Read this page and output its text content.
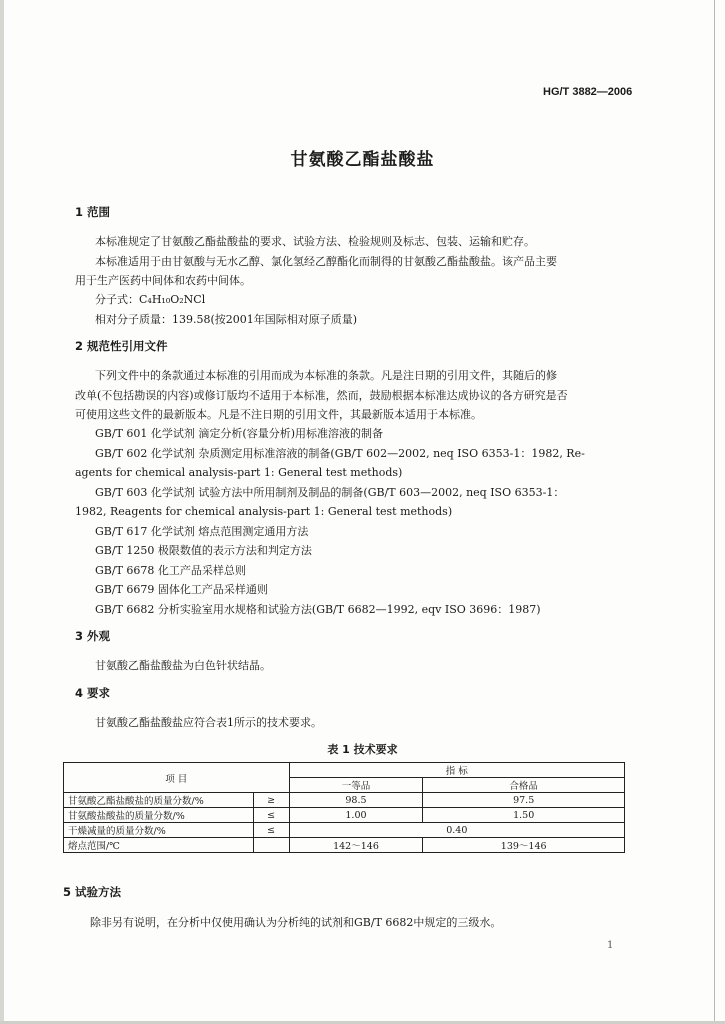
HG/T 3882—2006
甘氨酸乙酯盐酸盐
1 范围
本标准规定了甘氨酸乙酯盐酸盐的要求、试验方法、检验规则及标志、包装、运输和贮存。
本标准适用于由甘氨酸与无水乙醇、氯化氢经乙醇酯化而制得的甘氨酸乙酯盐酸盐。该产品主要
用于生产医药中间体和农药中间体。
分子式：C₄H₁₀O₂NCl
相对分子质量：139.58(按2001年国际相对原子质量)
2 规范性引用文件
下列文件中的条款通过本标准的引用而成为本标准的条款。凡是注日期的引用文件，其随后的修
改单(不包括勘误的内容)或修订版均不适用于本标准，然而，鼓励根据本标准达成协议的各方研究是否
可使用这些文件的最新版本。凡是不注日期的引用文件，其最新版本适用于本标准。
GB/T 601 化学试剂 滴定分析(容量分析)用标准溶液的制备
GB/T 602 化学试剂 杂质测定用标准溶液的制备(GB/T 602—2002, neq ISO 6353-1：1982, Re-
agents for chemical analysis-part 1: General test methods)
GB/T 603 化学试剂 试验方法中所用制剂及制品的制备(GB/T 603—2002, neq ISO 6353-1：
1982, Reagents for chemical analysis-part 1: General test methods)
GB/T 617 化学试剂 熔点范围测定通用方法
GB/T 1250 极限数值的表示方法和判定方法
GB/T 6678 化工产品采样总则
GB/T 6679 固体化工产品采样通则
GB/T 6682 分析实验室用水规格和试验方法(GB/T 6682—1992, eqv ISO 3696：1987)
3 外观
甘氨酸乙酯盐酸盐为白色针状结晶。
4 要求
甘氨酸乙酯盐酸盐应符合表1所示的技术要求。
表 1 技术要求
项 目		指 标	
		一等品	合格品
甘氨酸乙酯盐酸盐的质量分数/%	≥	98.5	97.5
甘氨酸盐酸盐的质量分数/%	≤	1.00	1.50
干燥减量的质量分数/%	≤	0.40	
熔点范围/℃		142～146	139～146
5 试验方法
除非另有说明，在分析中仅使用确认为分析纯的试剂和GB/T 6682中规定的三级水。
1
